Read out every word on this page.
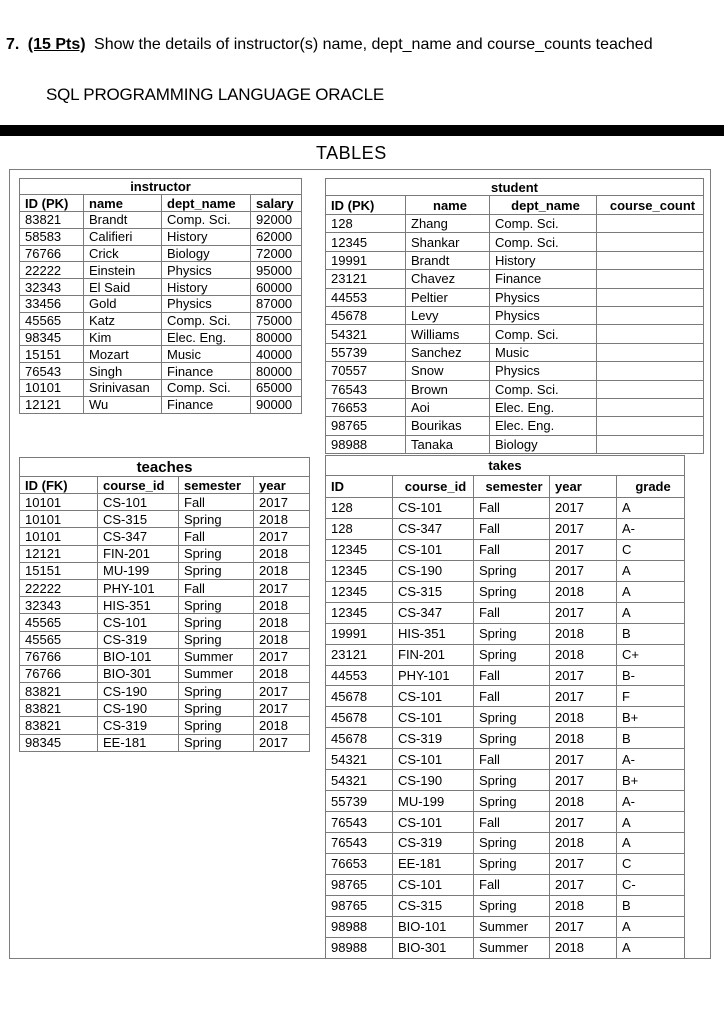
7. (15 Pts) Show the details of instructor(s) name, dept_name and course_counts teached
SQL PROGRAMMING LANGUAGE ORACLE
TABLES
instructor			
ID (PK)	name	dept_name	salary
83821	Brandt	Comp. Sci.	92000
58583	Califieri	History	62000
76766	Crick	Biology	72000
22222	Einstein	Physics	95000
32343	El Said	History	60000
33456	Gold	Physics	87000
45565	Katz	Comp. Sci.	75000
98345	Kim	Elec. Eng.	80000
15151	Mozart	Music	40000
76543	Singh	Finance	80000
10101	Srinivasan	Comp. Sci.	65000
12121	Wu	Finance	90000
student			
ID (PK)	name	dept_name	course_count
128	Zhang	Comp. Sci.	
12345	Shankar	Comp. Sci.	
19991	Brandt	History	
23121	Chavez	Finance	
44553	Peltier	Physics	
45678	Levy	Physics	
54321	Williams	Comp. Sci.	
55739	Sanchez	Music	
70557	Snow	Physics	
76543	Brown	Comp. Sci.	
76653	Aoi	Elec. Eng.	
98765	Bourikas	Elec. Eng.	
98988	Tanaka	Biology	
teaches			
ID (FK)	course_id	semester	year
10101	CS-101	Fall	2017
10101	CS-315	Spring	2018
10101	CS-347	Fall	2017
12121	FIN-201	Spring	2018
15151	MU-199	Spring	2018
22222	PHY-101	Fall	2017
32343	HIS-351	Spring	2018
45565	CS-101	Spring	2018
45565	CS-319	Spring	2018
76766	BIO-101	Summer	2017
76766	BIO-301	Summer	2018
83821	CS-190	Spring	2017
83821	CS-190	Spring	2017
83821	CS-319	Spring	2018
98345	EE-181	Spring	2017
takes				
ID	course_id	semester	year	grade
128	CS-101	Fall	2017	A
128	CS-347	Fall	2017	A-
12345	CS-101	Fall	2017	C
12345	CS-190	Spring	2017	A
12345	CS-315	Spring	2018	A
12345	CS-347	Fall	2017	A
19991	HIS-351	Spring	2018	B
23121	FIN-201	Spring	2018	C+
44553	PHY-101	Fall	2017	B-
45678	CS-101	Fall	2017	F
45678	CS-101	Spring	2018	B+
45678	CS-319	Spring	2018	B
54321	CS-101	Fall	2017	A-
54321	CS-190	Spring	2017	B+
55739	MU-199	Spring	2018	A-
76543	CS-101	Fall	2017	A
76543	CS-319	Spring	2018	A
76653	EE-181	Spring	2017	C
98765	CS-101	Fall	2017	C-
98765	CS-315	Spring	2018	B
98988	BIO-101	Summer	2017	A
98988	BIO-301	Summer	2018	A
